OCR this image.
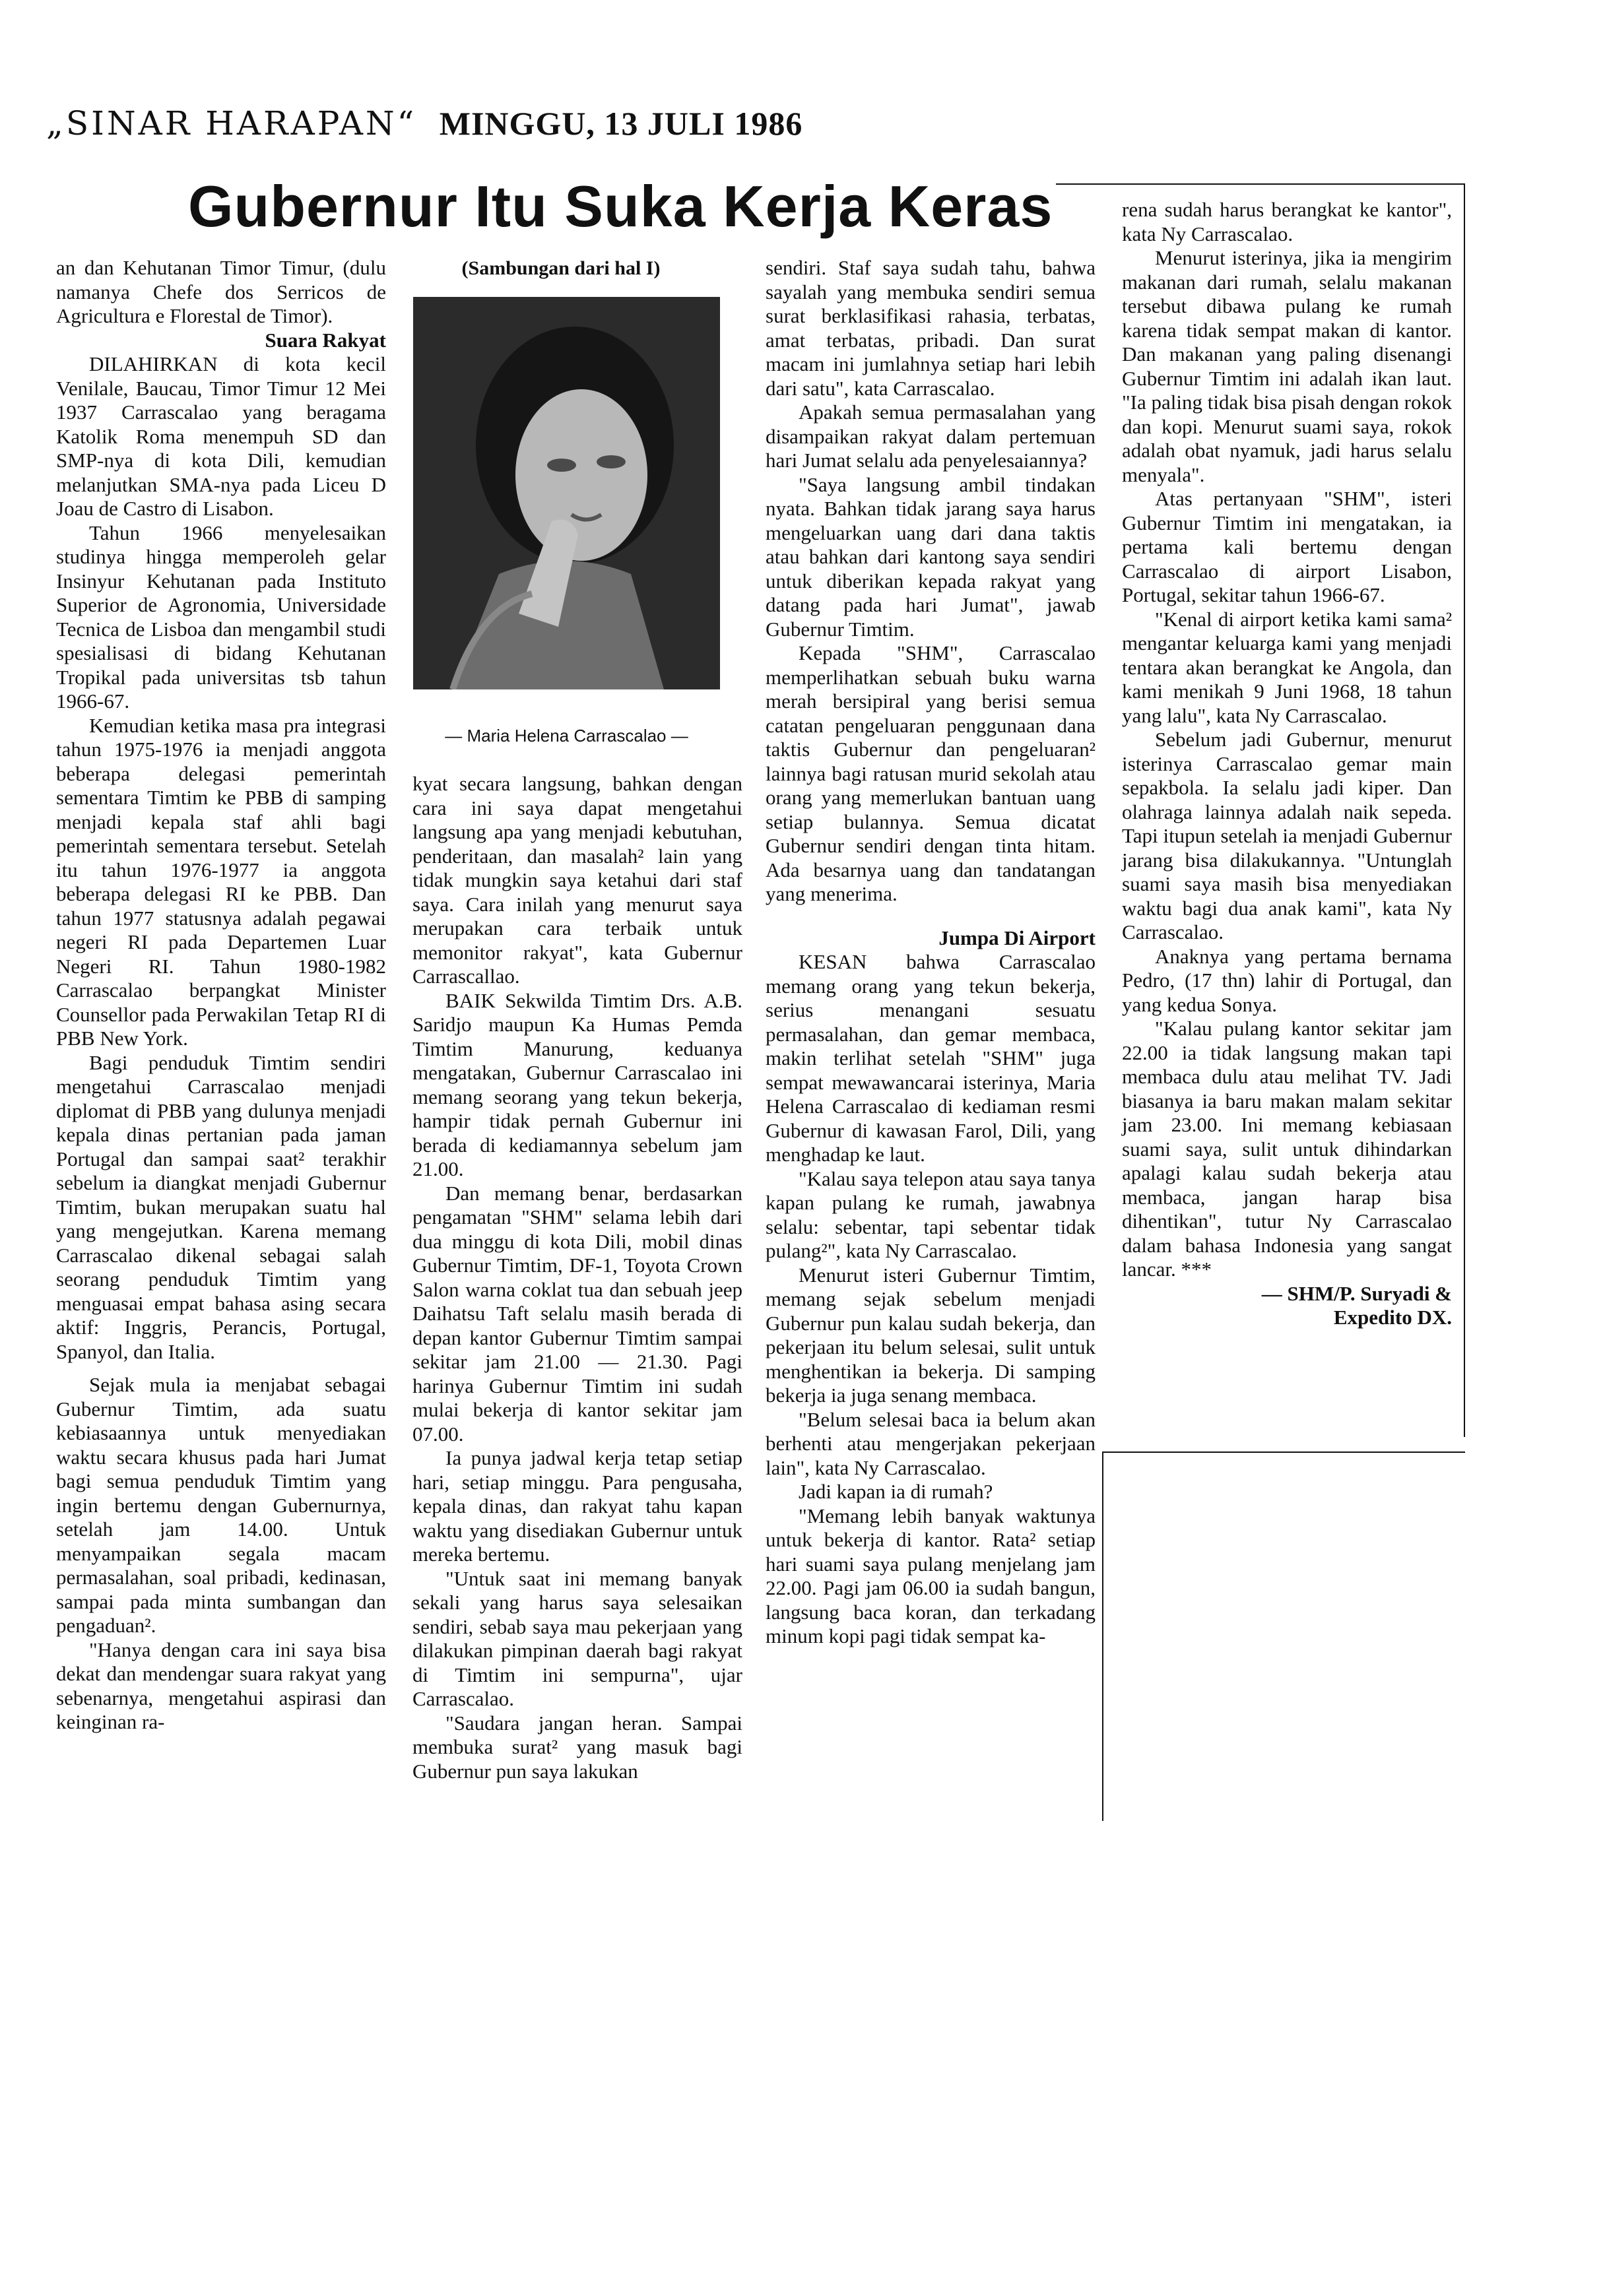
„SINAR HARAPAN“ MINGGU, 13 JULI 1986
Gubernur Itu Suka Kerja Keras

an dan Kehutanan Timor Timur, (dulu namanya Chefe dos Serricos de Agricultura e Florestal de Timor).

Suara Rakyat

DILAHIRKAN di kota kecil Venilale, Baucau, Timor Timur 12 Mei 1937 Carrascalao yang beragama Katolik Roma menempuh SD dan SMP-nya di kota Dili, kemudian melanjutkan SMA-nya pada Liceu D Joau de Castro di Lisabon.

Tahun 1966 menyelesaikan studinya hingga memperoleh gelar Insinyur Kehutanan pada Instituto Superior de Agronomia, Universidade Tecnica de Lisboa dan mengambil studi spesialisasi di bidang Kehutanan Tropikal pada universitas tsb tahun 1966-67.

Kemudian ketika masa pra integrasi tahun 1975-1976 ia menjadi anggota beberapa delegasi pemerintah sementara Timtim ke PBB di samping menjadi kepala staf ahli bagi pemerintah sementara tersebut. Setelah itu tahun 1976-1977 ia anggota beberapa delegasi RI ke PBB. Dan tahun 1977 statusnya adalah pegawai negeri RI pada Departemen Luar Negeri RI. Tahun 1980-1982 Carrascalao berpangkat Minister Counsellor pada Perwakilan Tetap RI di PBB New York.

Bagi penduduk Timtim sendiri mengetahui Carrascalao menjadi diplomat di PBB yang dulunya menjadi kepala dinas pertanian pada jaman Portugal dan sampai saat² terakhir sebelum ia diangkat menjadi Gubernur Timtim, bukan merupakan suatu hal yang mengejutkan. Karena memang Carrascalao dikenal sebagai salah seorang penduduk Timtim yang menguasai empat bahasa asing secara aktif: Inggris, Perancis, Portugal, Spanyol, dan Italia.

Sejak mula ia menjabat sebagai Gubernur Timtim, ada suatu kebiasaannya untuk menyediakan waktu secara khusus pada hari Jumat bagi semua penduduk Timtim yang ingin bertemu dengan Gubernurnya, setelah jam 14.00. Untuk menyampaikan segala macam permasalahan, soal pribadi, kedinasan, sampai pada minta sumbangan dan pengaduan².

"Hanya dengan cara ini saya bisa dekat dan mendengar suara rakyat yang sebenarnya, mengetahui aspirasi dan keinginan ra-

(Sambungan dari hal I)
— Maria Helena Carrascalao —

kyat secara langsung, bahkan dengan cara ini saya dapat mengetahui langsung apa yang menjadi kebutuhan, penderitaan, dan masalah² lain yang tidak mungkin saya ketahui dari staf saya. Cara inilah yang menurut saya merupakan cara terbaik untuk memonitor rakyat", kata Gubernur Carrascallao.

BAIK Sekwilda Timtim Drs. A.B. Saridjo maupun Ka Humas Pemda Timtim Manurung, keduanya mengatakan, Gubernur Carrascalao ini memang seorang yang tekun bekerja, hampir tidak pernah Gubernur ini berada di kediamannya sebelum jam 21.00.

Dan memang benar, berdasarkan pengamatan "SHM" selama lebih dari dua minggu di kota Dili, mobil dinas Gubernur Timtim, DF-1, Toyota Crown Salon warna coklat tua dan sebuah jeep Daihatsu Taft selalu masih berada di depan kantor Gubernur Timtim sampai sekitar jam 21.00 — 21.30. Pagi harinya Gubernur Timtim ini sudah mulai bekerja di kantor sekitar jam 07.00.

Ia punya jadwal kerja tetap setiap hari, setiap minggu. Para pengusaha, kepala dinas, dan rakyat tahu kapan waktu yang disediakan Gubernur untuk mereka bertemu.

"Untuk saat ini memang banyak sekali yang harus saya selesaikan sendiri, sebab saya mau pekerjaan yang dilakukan pimpinan daerah bagi rakyat di Timtim ini sempurna", ujar Carrascalao.

"Saudara jangan heran. Sampai membuka surat² yang masuk bagi Gubernur pun saya lakukan

sendiri. Staf saya sudah tahu, bahwa sayalah yang membuka sendiri semua surat berklasifikasi rahasia, terbatas, amat terbatas, pribadi. Dan surat macam ini jumlahnya setiap hari lebih dari satu", kata Carrascalao.

Apakah semua permasalahan yang disampaikan rakyat dalam pertemuan hari Jumat selalu ada penyelesaiannya?

"Saya langsung ambil tindakan nyata. Bahkan tidak jarang saya harus mengeluarkan uang dari dana taktis atau bahkan dari kantong saya sendiri untuk diberikan kepada rakyat yang datang pada hari Jumat", jawab Gubernur Timtim.

Kepada "SHM", Carrascalao memperlihatkan sebuah buku warna merah bersipiral yang berisi semua catatan pengeluaran penggunaan dana taktis Gubernur dan pengeluaran² lainnya bagi ratusan murid sekolah atau orang yang memerlukan bantuan uang setiap bulannya. Semua dicatat Gubernur sendiri dengan tinta hitam. Ada besarnya uang dan tandatangan yang menerima.

Jumpa Di Airport

KESAN bahwa Carrascalao memang orang yang tekun bekerja, serius menangani sesuatu permasalahan, dan gemar membaca, makin terlihat setelah "SHM" juga sempat mewawancarai isterinya, Maria Helena Carrascalao di kediaman resmi Gubernur di kawasan Farol, Dili, yang menghadap ke laut.

"Kalau saya telepon atau saya tanya kapan pulang ke rumah, jawabnya selalu: sebentar, tapi sebentar tidak pulang²", kata Ny Carrascalao.

Menurut isteri Gubernur Timtim, memang sejak sebelum menjadi Gubernur pun kalau sudah bekerja, dan pekerjaan itu belum selesai, sulit untuk menghentikan ia bekerja. Di samping bekerja ia juga senang membaca.

"Belum selesai baca ia belum akan berhenti atau mengerjakan pekerjaan lain", kata Ny Carrascalao.

Jadi kapan ia di rumah?

"Memang lebih banyak waktunya untuk bekerja di kantor. Rata² setiap hari suami saya pulang menjelang jam 22.00. Pagi jam 06.00 ia sudah bangun, langsung baca koran, dan terkadang minum kopi pagi tidak sempat ka-

rena sudah harus berangkat ke kantor", kata Ny Carrascalao.

Menurut isterinya, jika ia mengirim makanan dari rumah, selalu makanan tersebut dibawa pulang ke rumah karena tidak sempat makan di kantor. Dan makanan yang paling disenangi Gubernur Timtim ini adalah ikan laut. "Ia paling tidak bisa pisah dengan rokok dan kopi. Menurut suami saya, rokok adalah obat nyamuk, jadi harus selalu menyala".

Atas pertanyaan "SHM", isteri Gubernur Timtim ini mengatakan, ia pertama kali bertemu dengan Carrascalao di airport Lisabon, Portugal, sekitar tahun 1966-67.

"Kenal di airport ketika kami sama² mengantar keluarga kami yang menjadi tentara akan berangkat ke Angola, dan kami menikah 9 Juni 1968, 18 tahun yang lalu", kata Ny Carrascalao.

Sebelum jadi Gubernur, menurut isterinya Carrascalao gemar main sepakbola. Ia selalu jadi kiper. Dan olahraga lainnya adalah naik sepeda. Tapi itupun setelah ia menjadi Gubernur jarang bisa dilakukannya. "Untunglah suami saya masih bisa menyediakan waktu bagi dua anak kami", kata Ny Carrascalao.

Anaknya yang pertama bernama Pedro, (17 thn) lahir di Portugal, dan yang kedua Sonya.

"Kalau pulang kantor sekitar jam 22.00 ia tidak langsung makan tapi membaca dulu atau melihat TV. Jadi biasanya ia baru makan malam sekitar jam 23.00. Ini memang kebiasaan suami saya, sulit untuk dihindarkan apalagi kalau sudah bekerja atau membaca, jangan harap bisa dihentikan", tutur Ny Carrascalao dalam bahasa Indonesia yang sangat lancar. ***

— SHM/P. Suryadi &

Expedito DX.
